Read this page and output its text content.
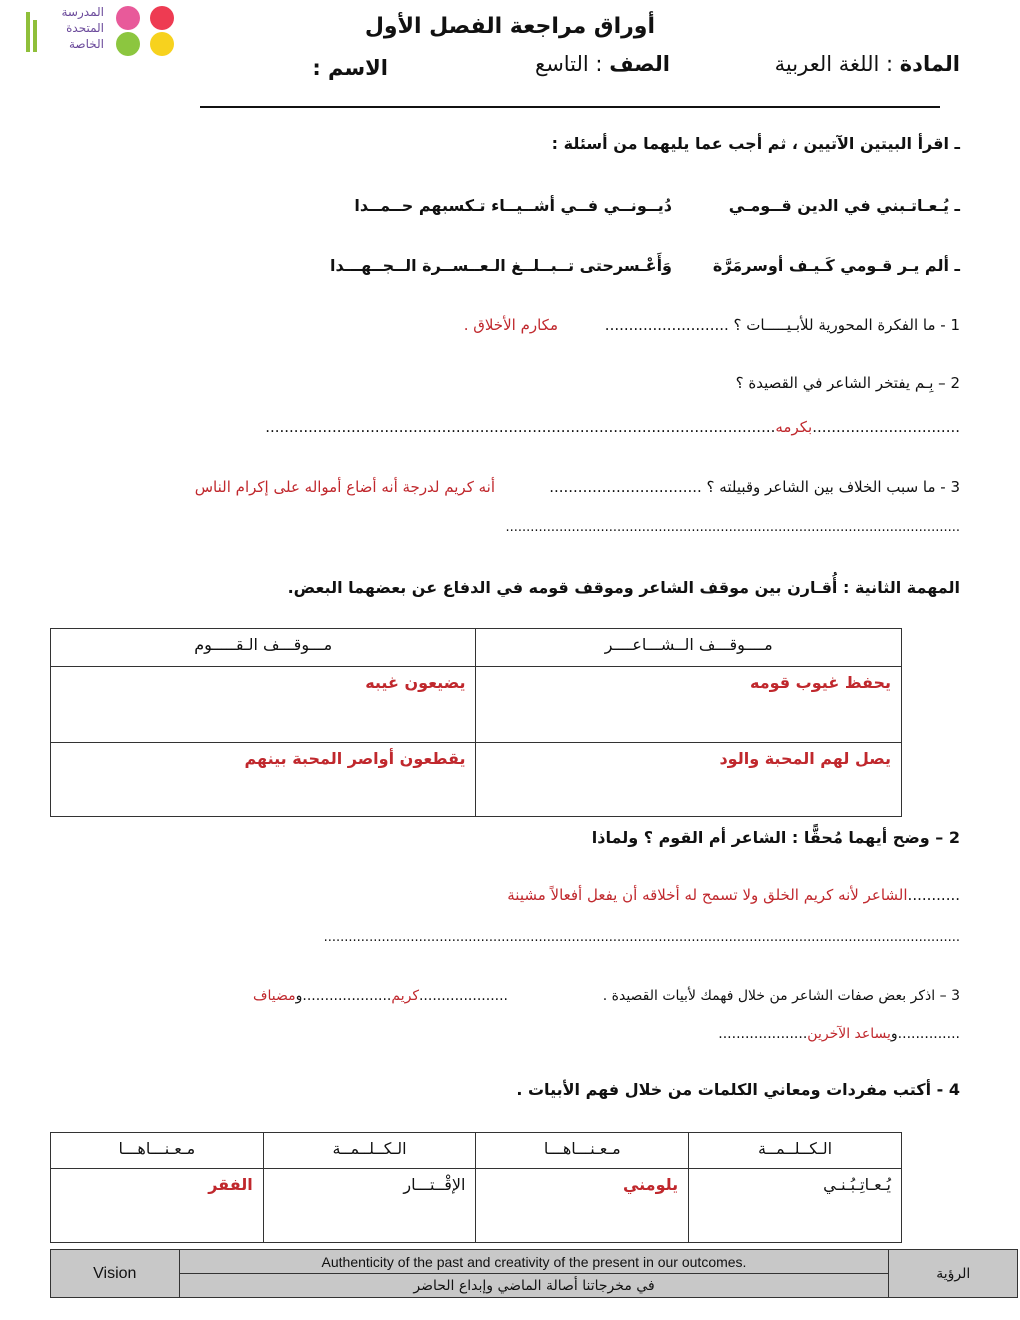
المدرسة
المتحدة
الخاصة
أوراق مراجعة الفصل الأول
المادة : اللغة العربية
الصف : التاسع
الاسم :
ـ اقرأ البيتين الآتيين ، ثم أجب عما يليهما من أسئلة :
ـ يُـعـاتـبني في الدين قــومـي
دُيــونــي فــي أشــيــاء تـكسبهم حــمــدا
ـ ألم يـر قـومي كَـيـف أوسرمَرَّة
وَأَعْـسرحتى تــبــلــغ الـعــســرة الــجــهـــدا
1 - ما الفكرة المحورية للأبـيـــــات ؟ ..........................
مكارم الأخلاق .
2 – بِـم يفتخر الشاعر في القصيدة ؟
...............................بكرمه...........................................................................................................
3 - ما سبب الخلاف بين الشاعر وقبيلته ؟ ................................
أنه كريم لدرجة أنه أضاع أمواله على إكرام الناس
..............................................................................................................
المهمة الثانية : أُقـارن بين موقف الشاعر وموقف قومه في الدفاع عن بعضهما البعض.
مـــوقـــف الـقـــــوم	مــــوقـــف الــشـــاعــــر

يضيعون غيبه	يحفظ غيوب قومه

يقطعون أواصر المحبة بينهم	يصل لهم المحبة والود
2 – وضح أيهما مُحقًّا : الشاعر أم القوم ؟ ولماذا
...........الشاعر لأنه كريم الخلق ولا تسمح له أخلاقه أن يفعل أفعالاً مشينة
..........................................................................................................................................................
3 – اذكر بعض صفات الشاعر من خلال فهمك لأبيات القصيدة .
....................كريم....................ومضياف
..............ويساعد الآخرين....................
4 - أكتب مفردات ومعاني الكلمات من خلال فهم الأبيات .
مـعـنـــاهـــا	الـكــلــمــة	مـعـنـــاهـــا	الـكــلــمــة

الفقر	الإقْــتـــار	يلومني	يُـعـاتِـبُـنـي
Vision	Authenticity of the past and creativity of the present in our outcomes.	الرؤية
في مخرجاتنا أصالة الماضي وإبداع الحاضر
